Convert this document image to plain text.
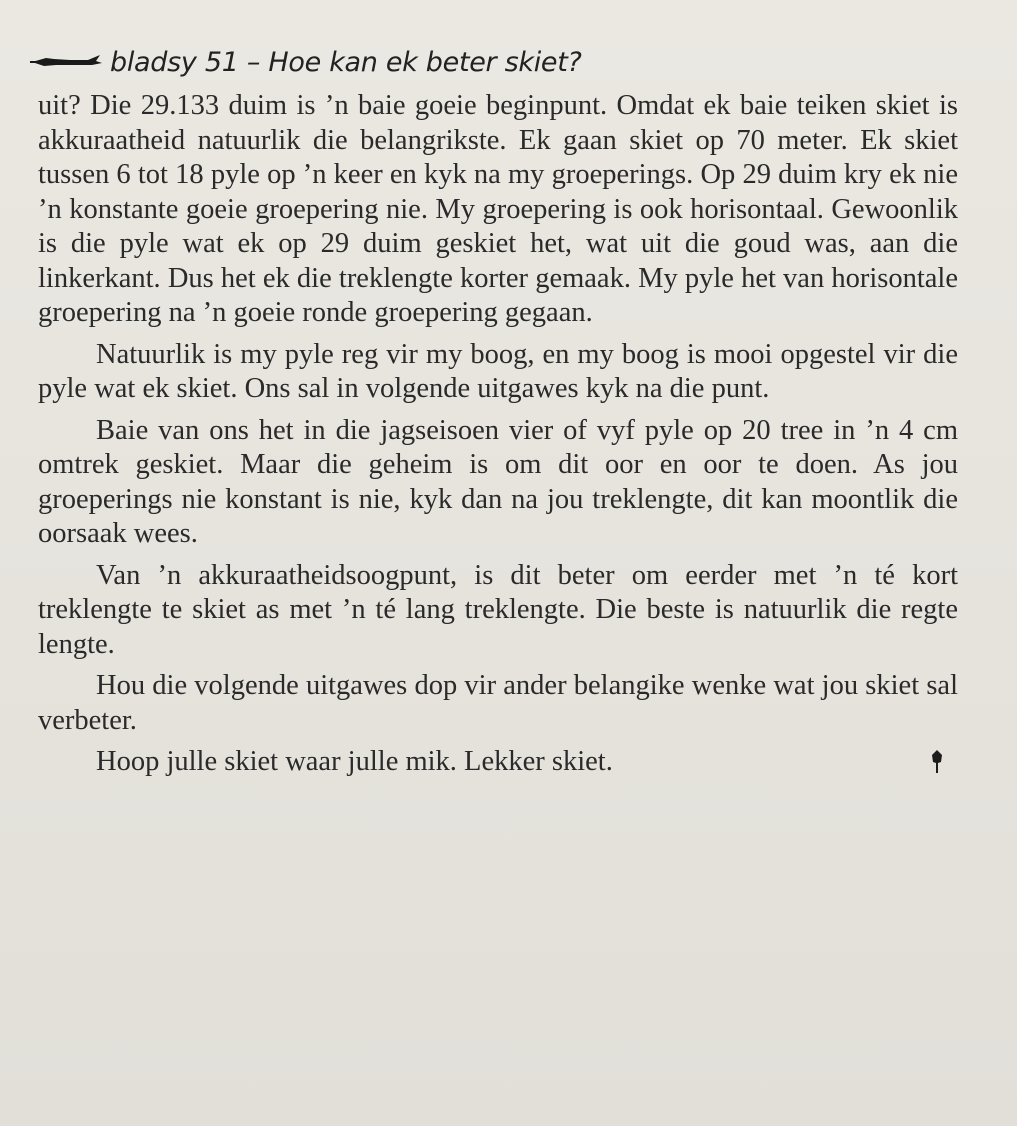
bladsy 51 – Hoe kan ek beter skiet?

uit? Die 29.133 duim is ’n baie goeie beginpunt. Omdat ek baie teiken skiet is akkuraatheid natuurlik die belangrikste. Ek gaan skiet op 70 meter. Ek skiet tussen 6 tot 18 pyle op ’n keer en kyk na my groeperings. Op 29 duim kry ek nie ’n konstante goeie groepering nie. My groepering is ook horisontaal. Gewoonlik is die pyle wat ek op 29 duim geskiet het, wat uit die goud was, aan die linkerkant. Dus het ek die treklengte korter gemaak. My pyle het van horisontale groepering na ’n goeie ronde groepering gegaan.

Natuurlik is my pyle reg vir my boog, en my boog is mooi opgestel vir die pyle wat ek skiet. Ons sal in volgende uitgawes kyk na die punt.

Baie van ons het in die jagseisoen vier of vyf pyle op 20 tree in ’n 4 cm omtrek geskiet. Maar die geheim is om dit oor en oor te doen. As jou groeperings nie konstant is nie, kyk dan na jou treklengte, dit kan moontlik die oorsaak wees.

Van ’n akkuraatheidsoogpunt, is dit beter om eerder met ’n té kort treklengte te skiet as met ’n té lang treklengte. Die beste is natuurlik die regte lengte.

Hou die volgende uitgawes dop vir ander belangike wenke wat jou skiet sal verbeter.

Hoop julle skiet waar julle mik. Lekker skiet.
